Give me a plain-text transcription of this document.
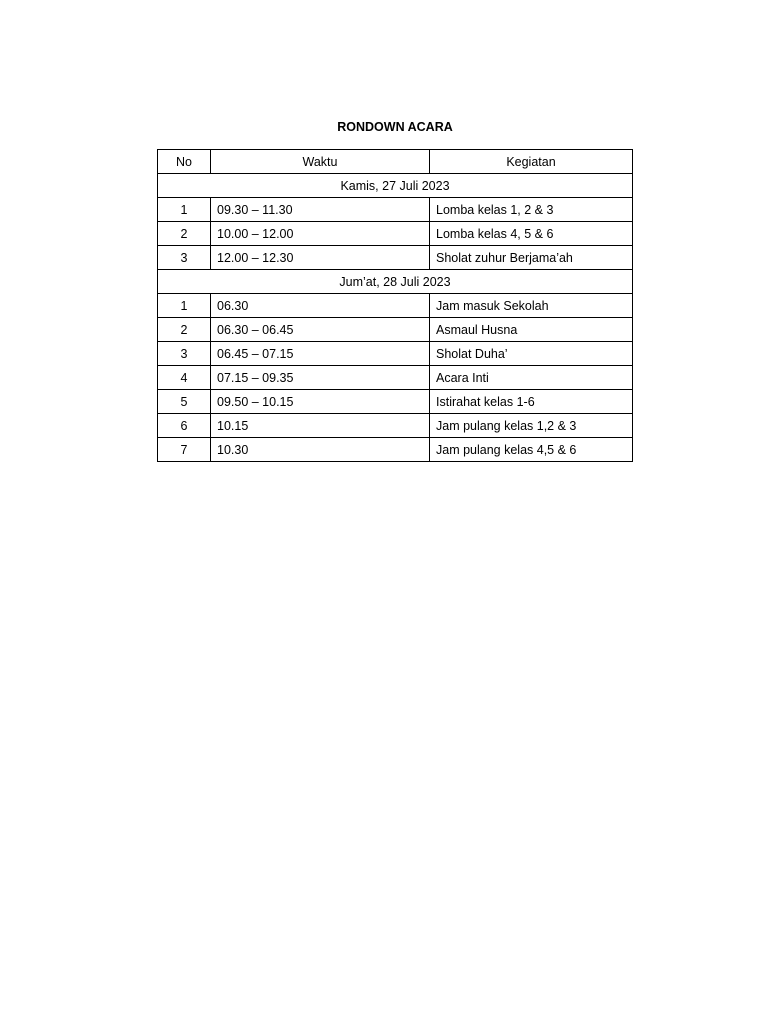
RONDOWN ACARA
No	Waktu	Kegiatan
Kamis, 27 Juli 2023		
1	09.30 – 11.30	Lomba kelas 1, 2 & 3
2	10.00 – 12.00	Lomba kelas 4, 5 & 6
3	12.00 – 12.30	Sholat zuhur Berjama’ah
Jum’at, 28 Juli 2023		
1	06.30	Jam masuk Sekolah
2	06.30 – 06.45	Asmaul Husna
3	06.45 – 07.15	Sholat Duha’
4	07.15 – 09.35	Acara Inti
5	09.50 – 10.15	Istirahat kelas 1-6
6	10.15	Jam pulang kelas 1,2 & 3
7	10.30	Jam pulang kelas 4,5 & 6
